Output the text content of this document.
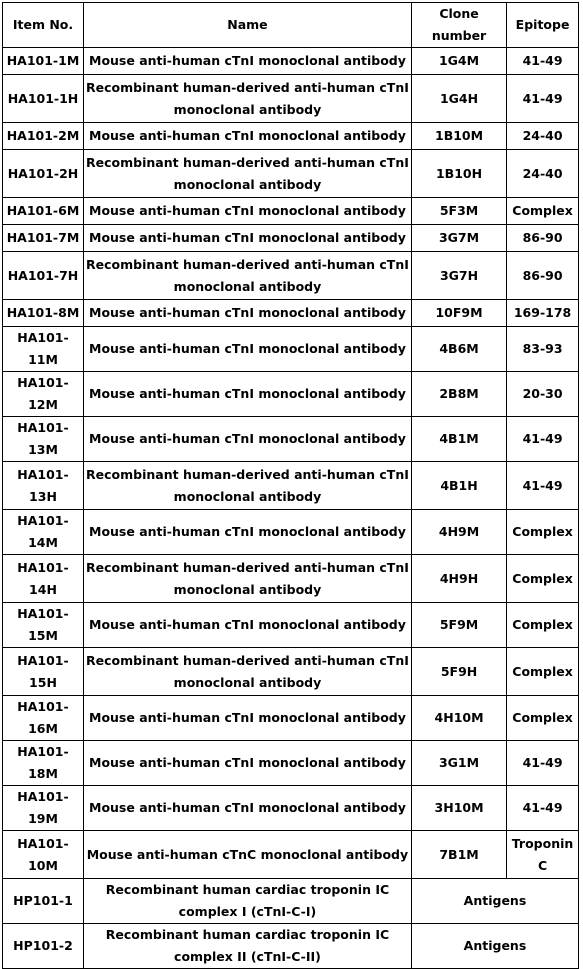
Item No.	Name	Clone number	Epitope
HA101-1M	Mouse anti-human cTnI monoclonal antibody	1G4M	41-49
HA101-1H	Recombinant human-derived anti-human cTnI monoclonal antibody	1G4H	41-49
HA101-2M	Mouse anti-human cTnI monoclonal antibody	1B10M	24-40
HA101-2H	Recombinant human-derived anti-human cTnI monoclonal antibody	1B10H	24-40
HA101-6M	Mouse anti-human cTnI monoclonal antibody	5F3M	Complex
HA101-7M	Mouse anti-human cTnI monoclonal antibody	3G7M	86-90
HA101-7H	Recombinant human-derived anti-human cTnI monoclonal antibody	3G7H	86-90
HA101-8M	Mouse anti-human cTnI monoclonal antibody	10F9M	169-178
HA101-11M	Mouse anti-human cTnI monoclonal antibody	4B6M	83-93
HA101-12M	Mouse anti-human cTnI monoclonal antibody	2B8M	20-30
HA101-13M	Mouse anti-human cTnI monoclonal antibody	4B1M	41-49
HA101-13H	Recombinant human-derived anti-human cTnI monoclonal antibody	4B1H	41-49
HA101-14M	Mouse anti-human cTnI monoclonal antibody	4H9M	Complex
HA101-14H	Recombinant human-derived anti-human cTnI monoclonal antibody	4H9H	Complex
HA101-15M	Mouse anti-human cTnI monoclonal antibody	5F9M	Complex
HA101-15H	Recombinant human-derived anti-human cTnI monoclonal antibody	5F9H	Complex
HA101-16M	Mouse anti-human cTnI monoclonal antibody	4H10M	Complex
HA101-18M	Mouse anti-human cTnI monoclonal antibody	3G1M	41-49
HA101-19M	Mouse anti-human cTnI monoclonal antibody	3H10M	41-49
HA101-10M	Mouse anti-human cTnC monoclonal antibody	7B1M	Troponin C
HP101-1	Recombinant human cardiac troponin IC complex I (cTnI-C-I)	Antigens	
HP101-2	Recombinant human cardiac troponin IC complex II (cTnI-C-II)	Antigens	
